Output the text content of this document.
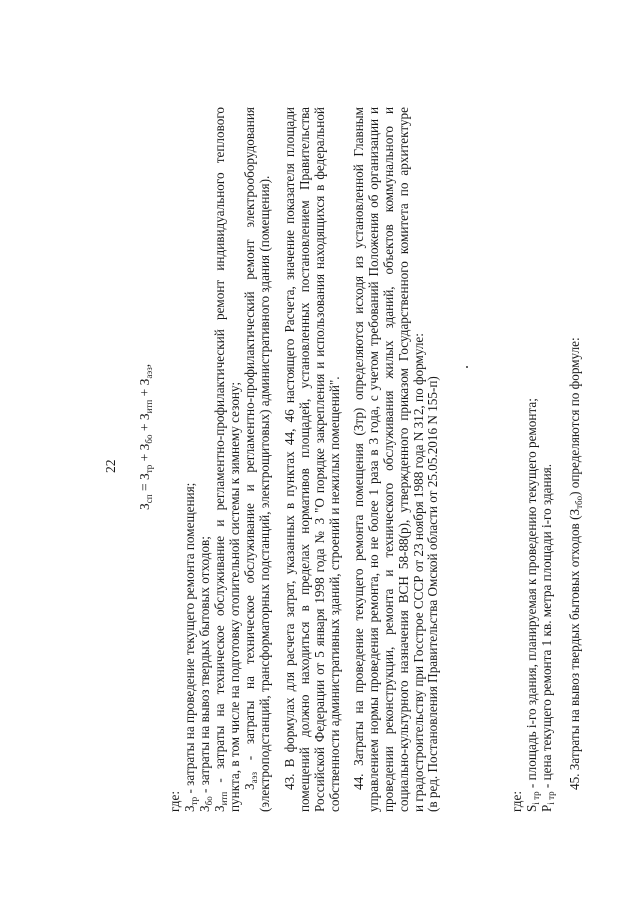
22
$З_{сп} = З_{тр} + З_{бо} + З_{итп} + З_{аэз}$,
где: $З_{тр}$ - затраты на проведение текущего ремонта помещения;
$З_{бо}$ - затраты на вывоз твердых бытовых отходов;
$З_{итп}$ - затраты на техническое обслуживание и регламентно-профилактический ремонт индивидуального теплового пункта, в том числе на подготовку отопительной системы к зимнему сезону; $З_{аэз}$ - затраты на техническое обслуживание и регламентно-профилактический ремонт электрооборудования (электроподстанций, трансформаторных подстанций, электрощитовых) административного здания (помещения). 43. В формулах для расчета затрат, указанных в пунктах 44, 46 настоящего Расчета, значение показателя площади помещений должно находиться в пределах нормативов площадей, установленных постановлением Правительства Российской Федерации от 5 января 1998 года № 3 "О порядке закрепления и использования находящихся в федеральной собственности административных зданий, строений и нежилых помещений". 44. Затраты на проведение текущего ремонта помещения (Зтр) определяются исходя из установленной Главным управлением нормы проведения ремонта, но не более 1 раза в 3 года, с учетом требований Положения об организации и проведении реконструкции, ремонта и технического обслуживания жилых зданий, объектов коммунального и социально-культурного назначения ВСН 58-88(р), утвержденного приказом Государственного комитета по архитектуре и градостроительству при Госстрое СССР от 23 ноября 1988 года N 312, по формуле: (в ред. Постановления Правительства Омской области от 25.05.2016 N 155-п)	где: $S_{i тр}$ - площадь i-го здания, планируемая к проведению текущего ремонта;
$P_{i тр}$ - цена текущего ремонта 1 кв. метра площади i-го здания. 45. Затраты на вывоз твердых бытовых отходов $(З_{тбо})$ определяются по формуле:
